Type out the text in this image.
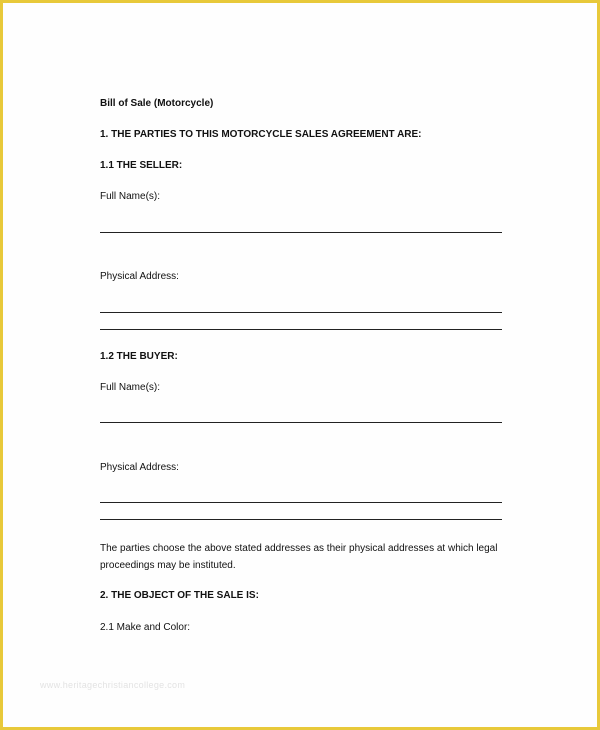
Bill of Sale (Motorcycle)
1. THE PARTIES TO THIS MOTORCYCLE SALES AGREEMENT ARE:
1.1 THE SELLER:
Full Name(s):
Physical Address:
1.2 THE BUYER:
Full Name(s):
Physical Address:
The parties choose the above stated addresses as their physical addresses at which legal proceedings may be instituted.
2. THE OBJECT OF THE SALE IS:
2.1 Make and Color:
www.heritagechristiancollege.com
